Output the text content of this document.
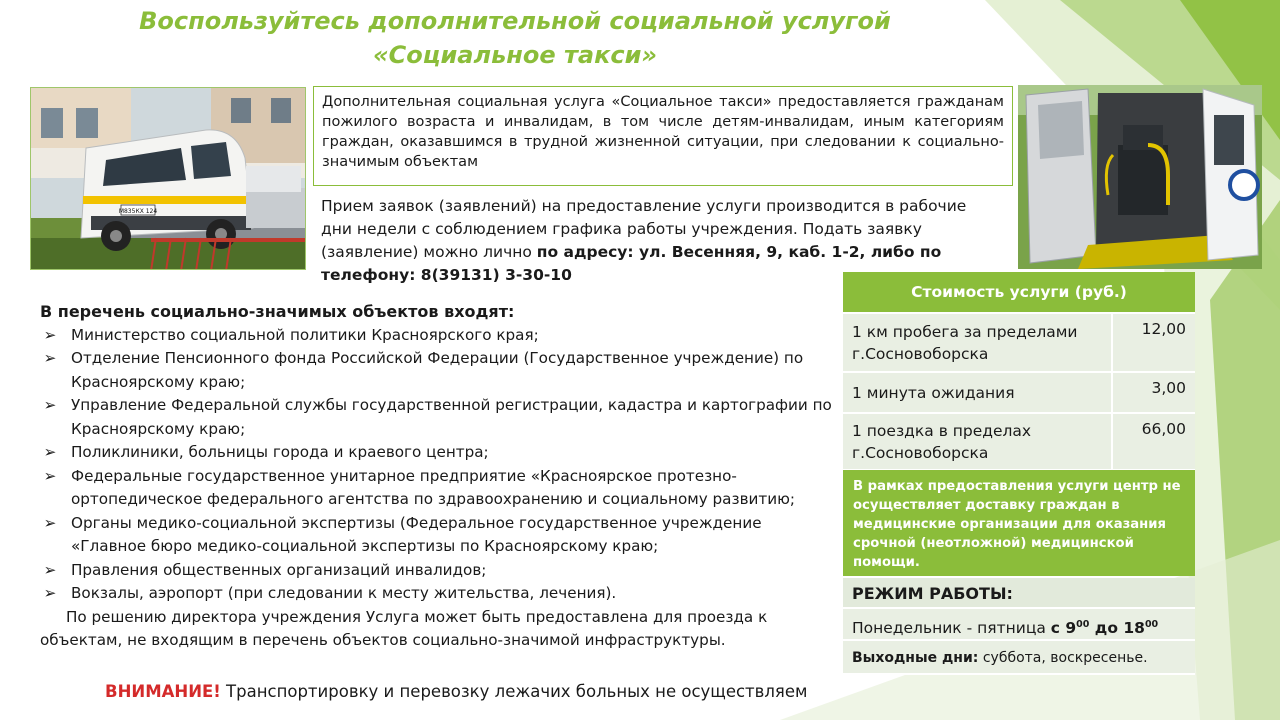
Воспользуйтесь дополнительной социальной услугой
«Социальное такси»
М835КХ 124
Дополнительная социальная услуга «Социальное такси» предоставляется гражданам пожилого возраста и инвалидам, в том числе детям-инвалидам, иным категориям граждан, оказавшимся в трудной жизненной ситуации, при следовании к социально-значимым объектам
Прием заявок (заявлений) на предоставление услуги производится в рабочие дни недели с соблюдением графика работы учреждения. Подать заявку (заявление) можно лично по адресу: ул. Весенняя, 9, каб. 1-2, либо по телефону: 8(39131) 3-30-10
В перечень социально-значимых объектов входят:
➢ Министерство социальной политики Красноярского края;
➢ Отделение Пенсионного фонда Российской Федерации (Государственное учреждение) по Красноярскому краю;
➢ Управление Федеральной службы государственной регистрации, кадастра и картографии по Красноярскому краю;
➢ Поликлиники, больницы города и краевого центра;
➢ Федеральные государственное унитарное предприятие «Красноярское протезно-ортопедическое федерального агентства по здравоохранению и социальному развитию;
➢ Органы медико-социальной экспертизы (Федеральное государственное учреждение «Главное бюро медико-социальной экспертизы по Красноярскому краю;
➢ Правления общественных организаций инвалидов;
➢ Вокзалы, аэропорт (при следовании к месту жительства, лечения).

По решению директора учреждения Услуга может быть предоставлена для проезда к объектам, не входящим в перечень объектов социально-значимой инфраструктуры.

Стоимость услуги (руб.)	
1 км пробега за пределами г.Сосновоборска	12,00
1 минута ожидания	3,00
1 поездка в пределах г.Сосновоборска	66,00
В рамках предоставления услуги центр не осуществляет доставку граждан в медицинские организации для оказания срочной (неотложной) медицинской помощи.
РЕЖИМ РАБОТЫ:
Понедельник - пятница с $9^{00}$ до $18^{00}$
Выходные дни: суббота, воскресенье.
ВНИМАНИЕ! Транспортировку и перевозку лежачих больных не осуществляем
